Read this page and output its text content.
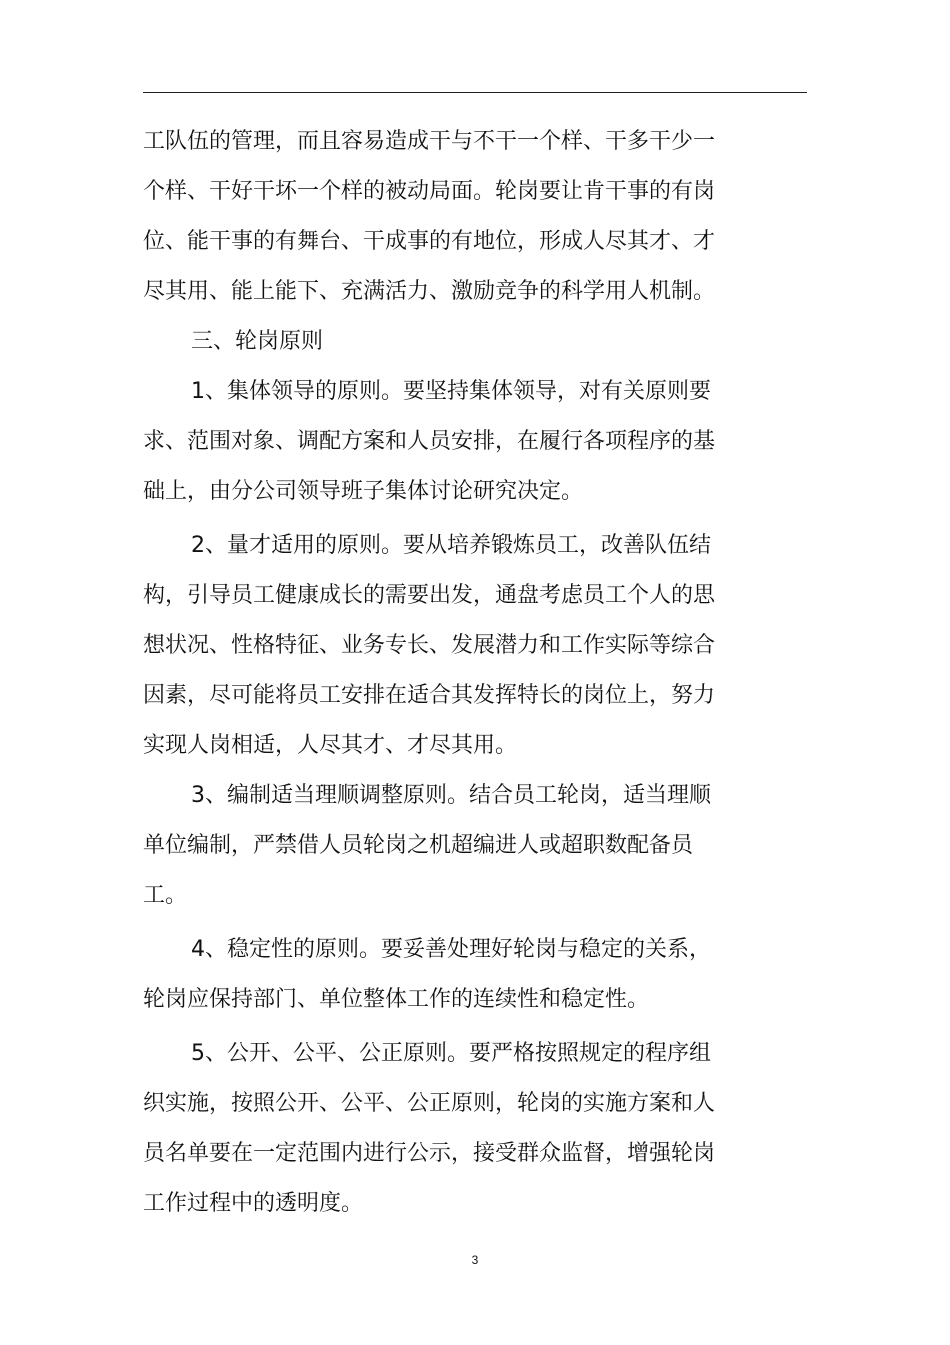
工队伍的管理，而且容易造成干与不干一个样、干多干少一
个样、干好干坏一个样的被动局面。轮岗要让肯干事的有岗
位、能干事的有舞台、干成事的有地位，形成人尽其才、才
尽其用、能上能下、充满活力、激励竞争的科学用人机制。
三、轮岗原则
1、集体领导的原则。要坚持集体领导，对有关原则要
求、范围对象、调配方案和人员安排，在履行各项程序的基
础上，由分公司领导班子集体讨论研究决定。
2、量才适用的原则。要从培养锻炼员工，改善队伍结
构，引导员工健康成长的需要出发，通盘考虑员工个人的思
想状况、性格特征、业务专长、发展潜力和工作实际等综合
因素，尽可能将员工安排在适合其发挥特长的岗位上，努力
实现人岗相适，人尽其才、才尽其用。
3、编制适当理顺调整原则。结合员工轮岗，适当理顺
单位编制，严禁借人员轮岗之机超编进人或超职数配备员
工。
4、稳定性的原则。要妥善处理好轮岗与稳定的关系，
轮岗应保持部门、单位整体工作的连续性和稳定性。
5、公开、公平、公正原则。要严格按照规定的程序组
织实施，按照公开、公平、公正原则，轮岗的实施方案和人
员名单要在一定范围内进行公示，接受群众监督，增强轮岗
工作过程中的透明度。
3
